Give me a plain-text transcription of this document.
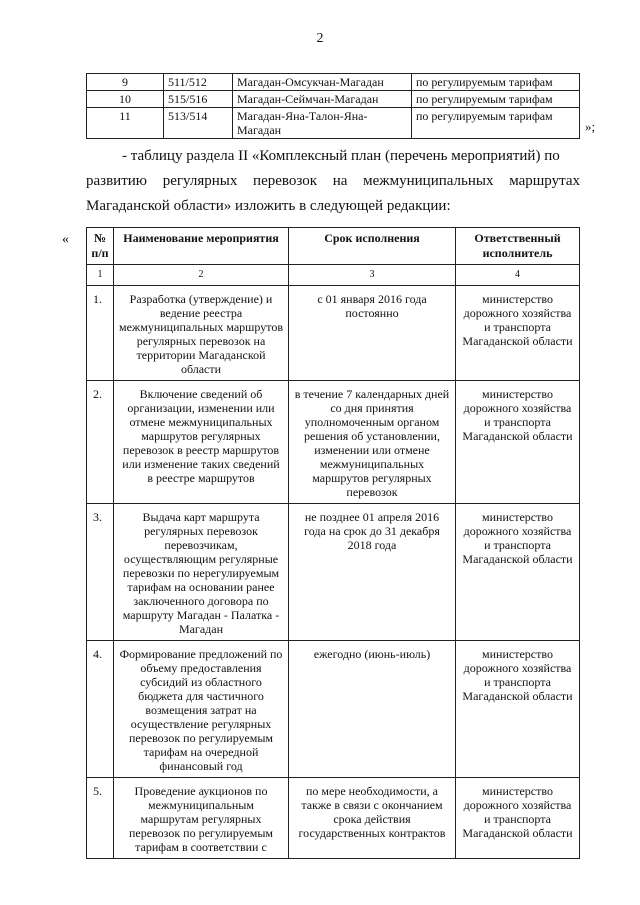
2
9	511/512	Магадан-Омсукчан-Магадан	по регулируемым тарифам
10	515/516	Магадан-Сеймчан-Магадан	по регулируемым тарифам
11	513/514	Магадан-Яна-Талон-Яна-Магадан	по регулируемым тарифам
»;
- таблицу раздела II «Комплексный план (перечень мероприятий) по
развитию регулярных перевозок на межмуниципальных маршрутах
Магаданской области» изложить в следующей редакции:
« № п/п	Наименование мероприятия	Срок исполнения	Ответственный исполнитель
1	2	3	4
1.	Разработка (утверждение) и ведение реестра межмуниципальных маршрутов регулярных перевозок на территории Магаданской области	с 01 января 2016 года постоянно	министерство дорожного хозяйства и транспорта Магаданской области
2.	Включение сведений об организации, изменении или отмене межмуниципальных маршрутов регулярных перевозок в реестр маршрутов или изменение таких сведений в реестре маршрутов	в течение 7 календарных дней со дня принятия уполномоченным органом решения об установлении, изменении или отмене межмуниципальных маршрутов регулярных перевозок	министерство дорожного хозяйства и транспорта Магаданской области
3.	Выдача карт маршрута регулярных перевозок перевозчикам, осуществляющим регулярные перевозки по нерегулируемым тарифам на основании ранее заключенного договора по маршруту Магадан - Палатка - Магадан	не позднее 01 апреля 2016 года на срок до 31 декабря 2018 года	министерство дорожного хозяйства и транспорта Магаданской области
4.	Формирование предложений по объему предоставления субсидий из областного бюджета для частичного возмещения затрат на осуществление регулярных перевозок по регулируемым тарифам на очередной финансовый год	ежегодно (июнь-июль)	министерство дорожного хозяйства и транспорта Магаданской области
5.	Проведение аукционов по межмуниципальным маршрутам регулярных перевозок по регулируемым тарифам в соответствии с	по мере необходимости, а также в связи с окончанием срока действия государственных контрактов	министерство дорожного хозяйства и транспорта Магаданской области
